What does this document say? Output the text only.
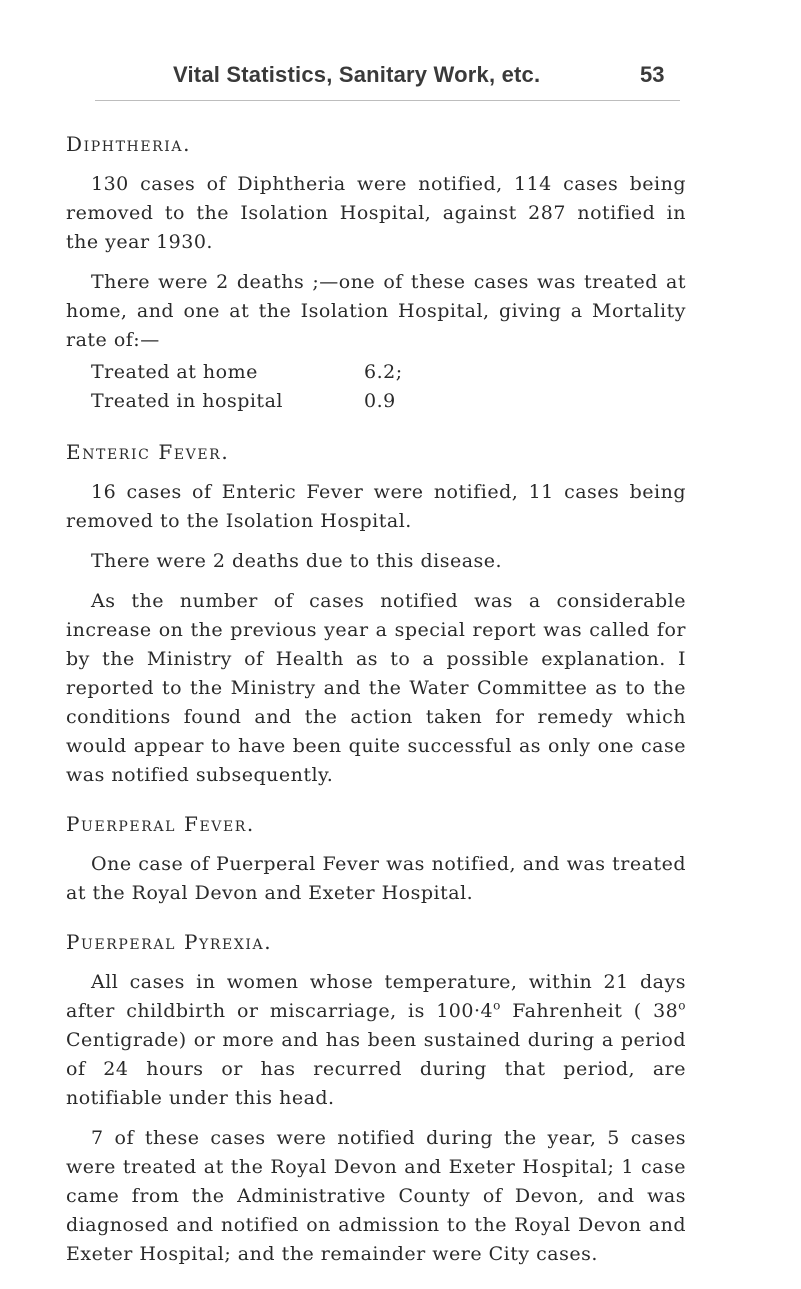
Vital Statistics, Sanitary Work, etc.	53
Diphtheria.

130 cases of Diphtheria were notified, 114 cases being removed to the Isolation Hospital, against 287 notified in the year 1930.

There were 2 deaths ;—one of these cases was treated at home, and one at the Isolation Hospital, giving a Mortality rate of:—

Treated at home	6.2;
Treated in hospital	0.9
Enteric Fever.

16 cases of Enteric Fever were notified, 11 cases being removed to the Isolation Hospital.

There were 2 deaths due to this disease.

As the number of cases notified was a considerable increase on the previous year a special report was called for by the Ministry of Health as to a possible explanation. I reported to the Ministry and the Water Committee as to the conditions found and the action taken for remedy which would appear to have been quite successful as only one case was notified subsequently.

Puerperal Fever.

One case of Puerperal Fever was notified, and was treated at the Royal Devon and Exeter Hospital.

Puerperal Pyrexia.

All cases in women whose temperature, within 21 days after childbirth or miscarriage, is $100\cdot 4^o$ Fahrenheit ( 38$^o$ Centigrade) or more and has been sustained during a period of 24 hours or has recurred during that period, are notifiable under this head.

7 of these cases were notified during the year, 5 cases were treated at the Royal Devon and Exeter Hospital; 1 case came from the Administrative County of Devon, and was diagnosed and notified on admission to the Royal Devon and Exeter Hospital; and the remainder were City cases.
